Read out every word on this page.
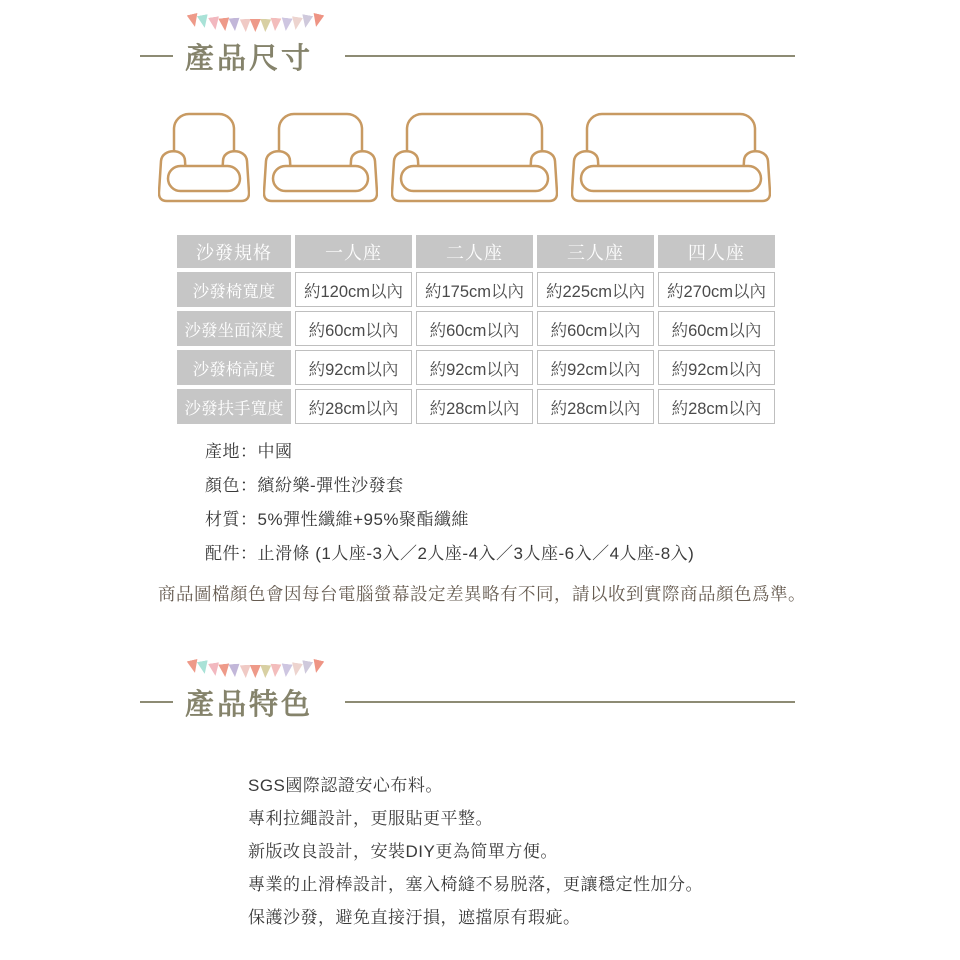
產品尺寸
沙發規格	一人座	二人座	三人座	四人座
沙發椅寬度	約120cm以內	約175cm以內	約225cm以內	約270cm以內
沙發坐面深度	約60cm以內	約60cm以內	約60cm以內	約60cm以內
沙發椅高度	約92cm以內	約92cm以內	約92cm以內	約92cm以內
沙發扶手寬度	約28cm以內	約28cm以內	約28cm以內	約28cm以內
產地：中國
顏色：繽紛樂-彈性沙發套
材質：5%彈性纖維+95%聚酯纖維
配件：止滑條 (1人座-3入／2人座-4入／3人座-6入／4人座-8入)
商品圖檔顏色會因每台電腦螢幕設定差異略有不同，請以收到實際商品顏色爲準。
產品特色
SGS國際認證安心布料。
專利拉繩設計，更服貼更平整。
新版改良設計，安裝DIY更為简單方便。
專業的止滑棒設計，塞入椅縫不易脱落，更讓穩定性加分。
保護沙發，避免直接汙損，遮擋原有瑕疵。
